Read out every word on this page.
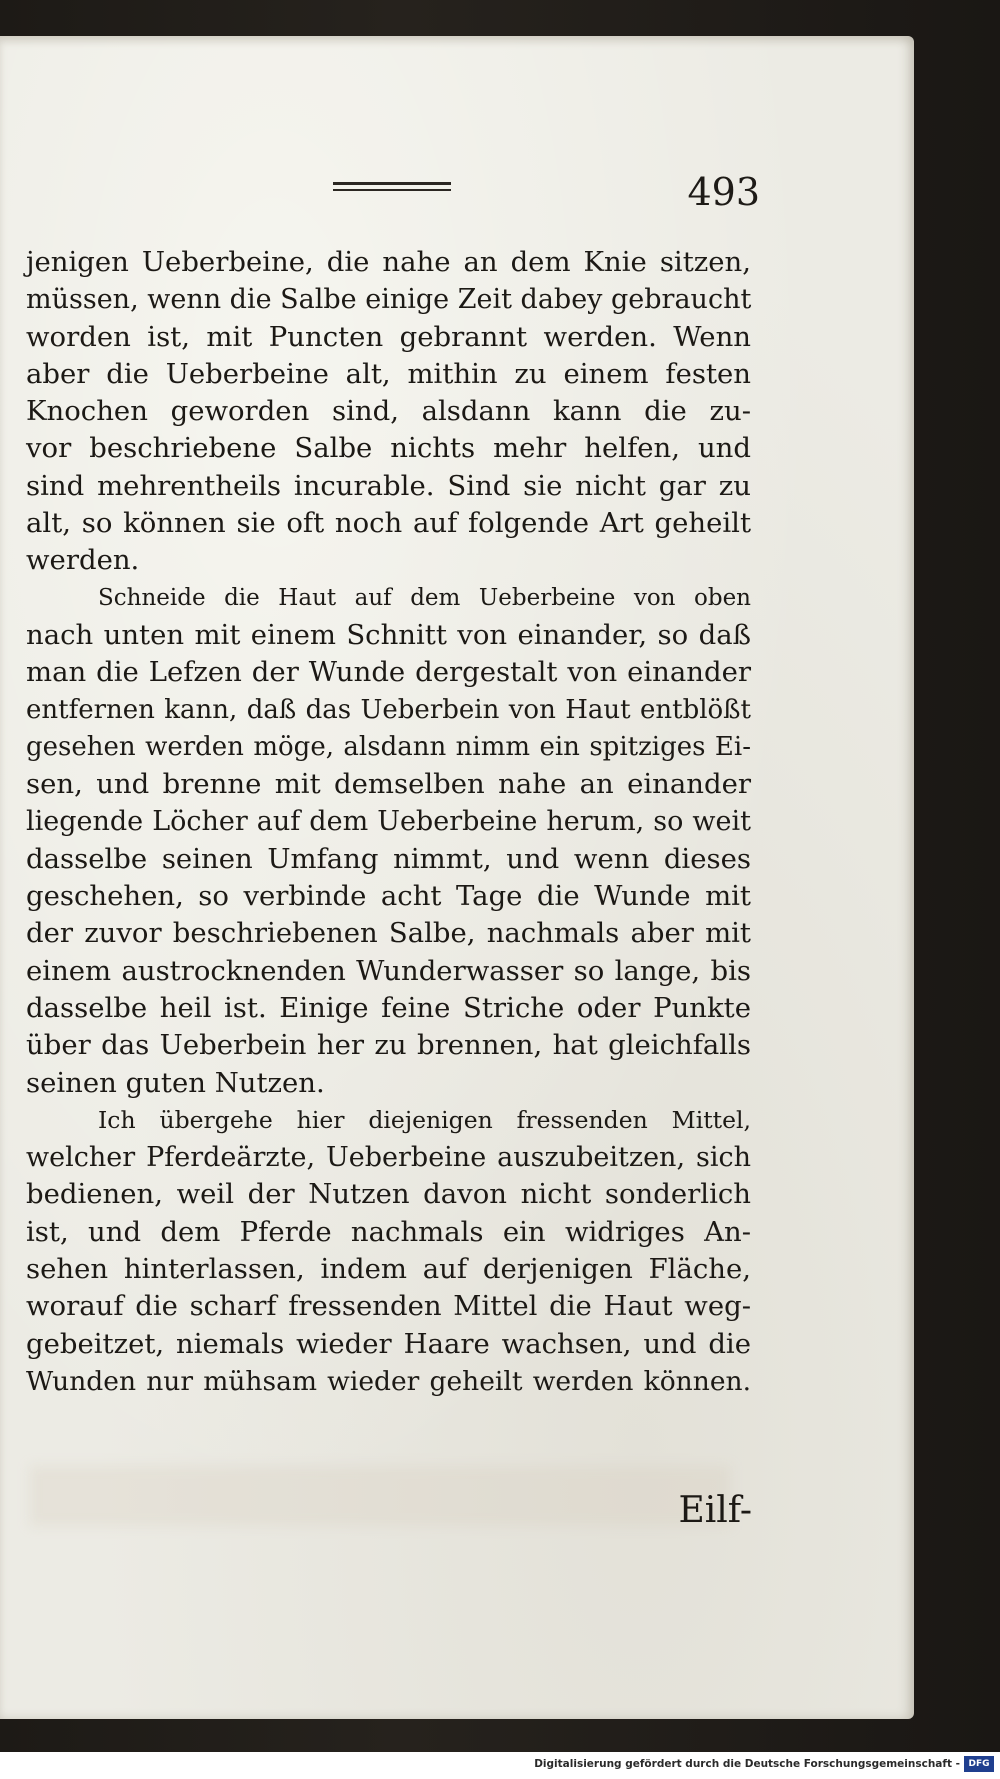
493
jenigen Ueberbeine, die nahe an dem Knie sitzen,
müssen, wenn die Salbe einige Zeit dabey gebraucht
worden ist, mit Puncten gebrannt werden. Wenn
aber die Ueberbeine alt, mithin zu einem festen
Knochen geworden sind, alsdann kann die zu-
vor beschriebene Salbe nichts mehr helfen, und
sind mehrentheils incurable. Sind sie nicht gar zu
alt, so können sie oft noch auf folgende Art geheilt
werden.
Schneide die Haut auf dem Ueberbeine von oben
nach unten mit einem Schnitt von einander, so daß
man die Lefzen der Wunde dergestalt von einander
entfernen kann, daß das Ueberbein von Haut entblößt
gesehen werden möge, alsdann nimm ein spitziges Ei-
sen, und brenne mit demselben nahe an einander
liegende Löcher auf dem Ueberbeine herum, so weit
dasselbe seinen Umfang nimmt, und wenn dieses
geschehen, so verbinde acht Tage die Wunde mit
der zuvor beschriebenen Salbe, nachmals aber mit
einem austrocknenden Wunderwasser so lange, bis
dasselbe heil ist. Einige feine Striche oder Punkte
über das Ueberbein her zu brennen, hat gleichfalls
seinen guten Nutzen.
Ich übergehe hier diejenigen fressenden Mittel,
welcher Pferdeärzte, Ueberbeine auszubeitzen, sich
bedienen, weil der Nutzen davon nicht sonderlich
ist, und dem Pferde nachmals ein widriges An-
sehen hinterlassen, indem auf derjenigen Fläche,
worauf die scharf fressenden Mittel die Haut weg-
gebeitzet, niemals wieder Haare wachsen, und die
Wunden nur mühsam wieder geheilt werden können.
Eilf-
Digitalisierung gefördert durch die Deutsche Forschungsgemeinschaft - DFG
